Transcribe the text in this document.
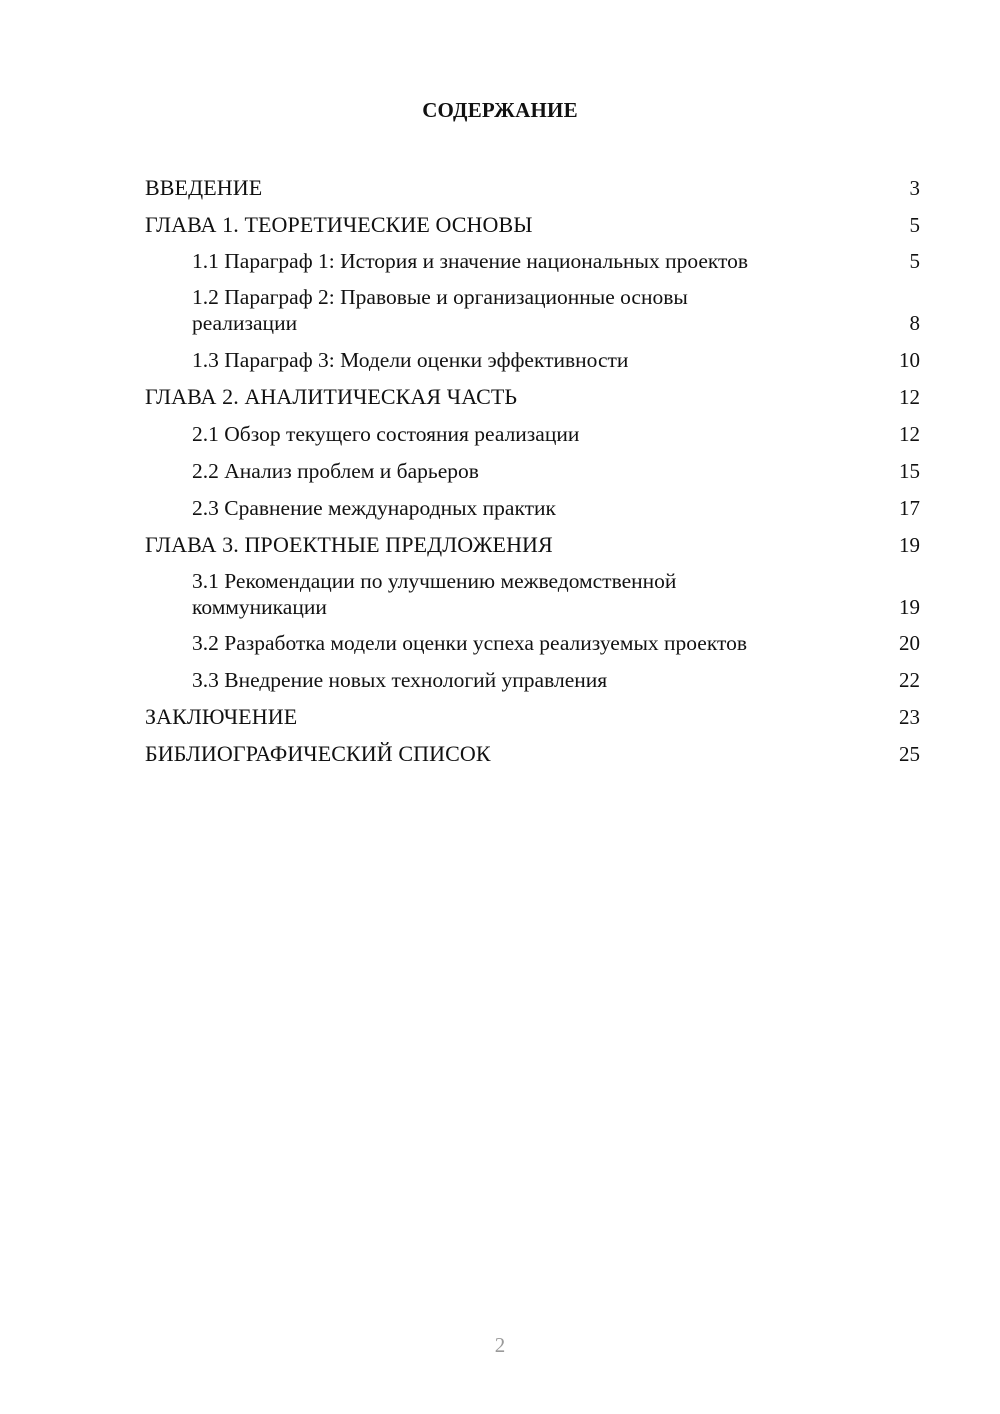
СОДЕРЖАНИЕ
ВВЕДЕНИЕ	3
ГЛАВА 1. ТЕОРЕТИЧЕСКИЕ ОСНОВЫ	5
1.1 Параграф 1: История и значение национальных проектов	5
1.2 Параграф 2: Правовые и организационные основы реализации	8
1.3 Параграф 3: Модели оценки эффективности	10
ГЛАВА 2. АНАЛИТИЧЕСКАЯ ЧАСТЬ	12
2.1 Обзор текущего состояния реализации	12
2.2 Анализ проблем и барьеров	15
2.3 Сравнение международных практик	17
ГЛАВА 3. ПРОЕКТНЫЕ ПРЕДЛОЖЕНИЯ	19
3.1 Рекомендации по улучшению межведомственной коммуникации	19
3.2 Разработка модели оценки успеха реализуемых проектов	20
3.3 Внедрение новых технологий управления	22
ЗАКЛЮЧЕНИЕ	23
БИБЛИОГРАФИЧЕСКИЙ СПИСОК	25
2
